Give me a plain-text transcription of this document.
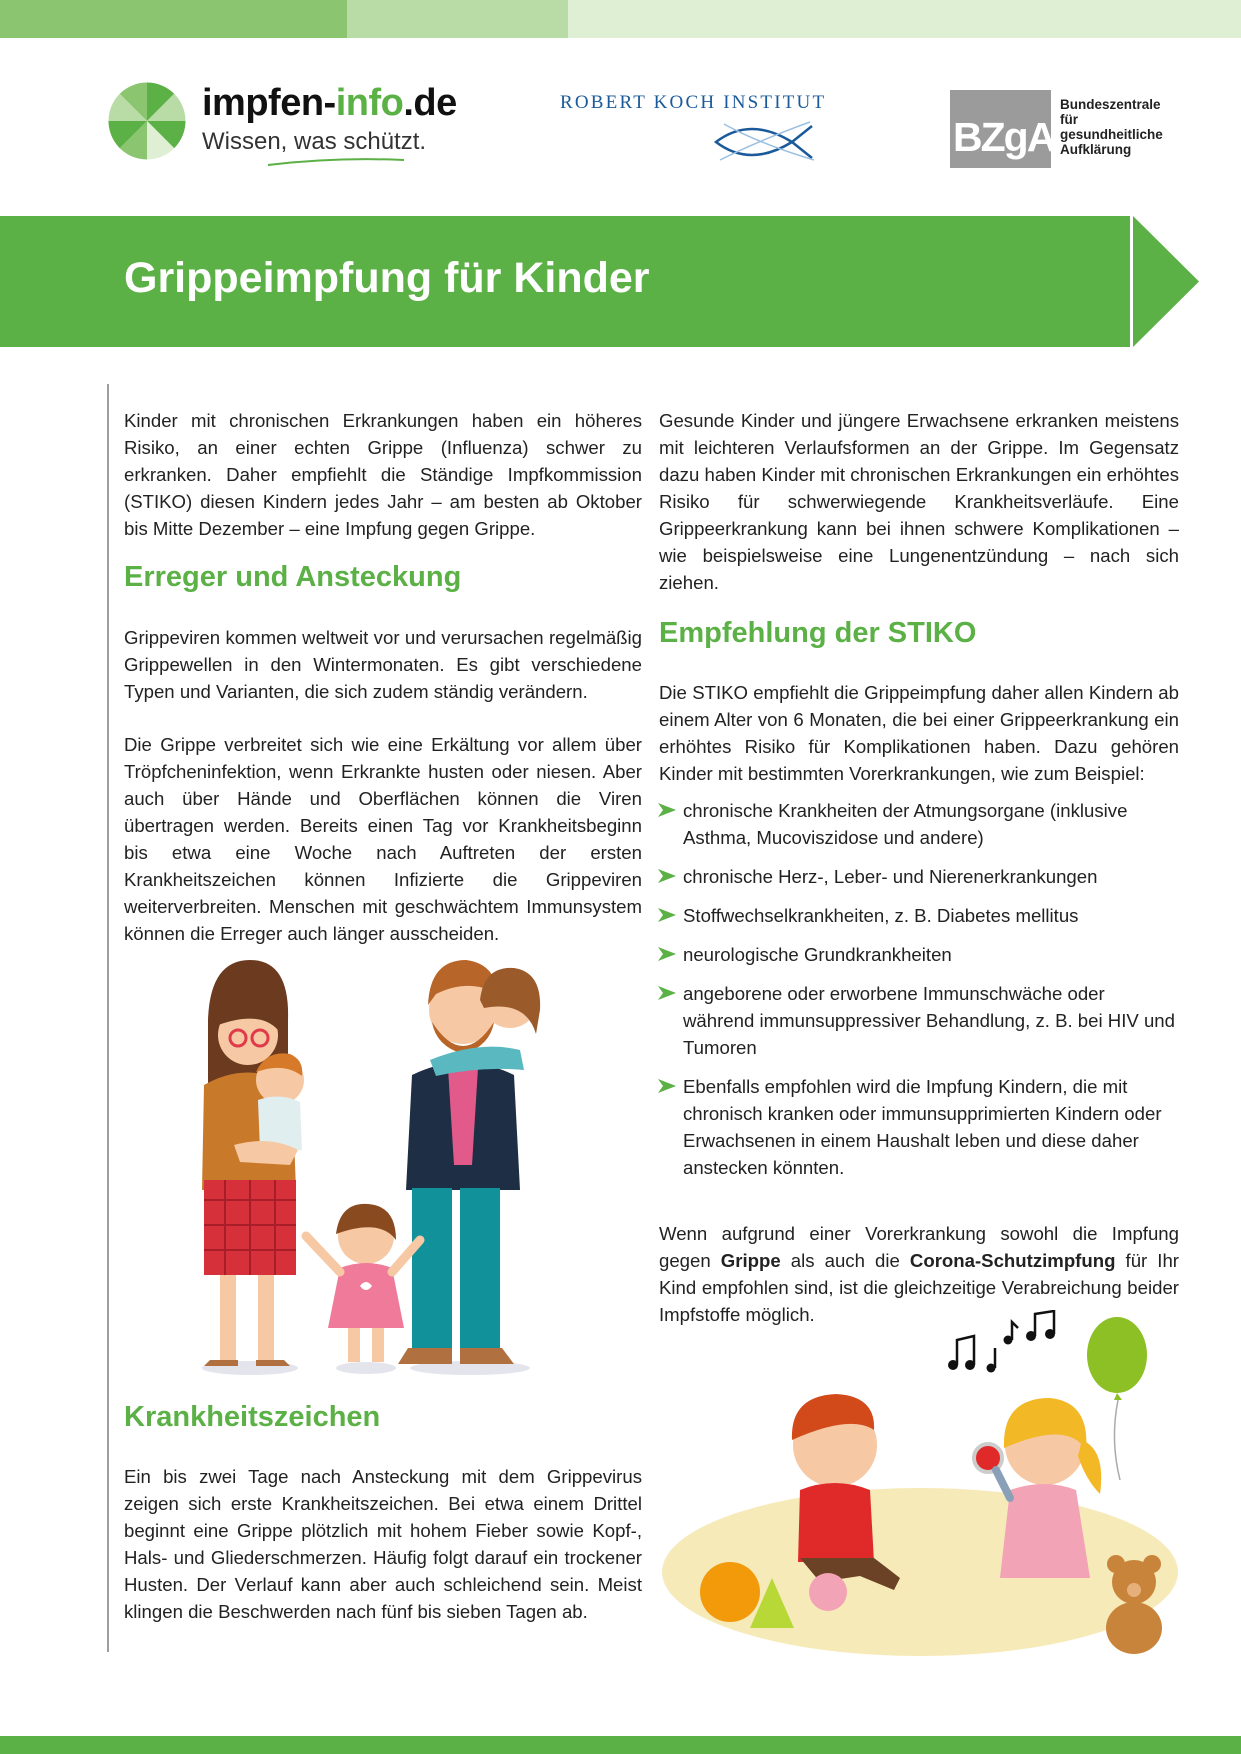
impfen-info.de
Wissen, was schützt.
ROBERT KOCH INSTITUT
BZgA
Bundeszentrale
für
gesundheitliche
Aufklärung
Grippeimpfung für Kinder

Kinder mit chronischen Erkrankungen haben ein höheres Risiko, an einer echten Grippe (Influenza) schwer zu erkranken. Daher empfiehlt die Ständige Impfkommission (STIKO) diesen Kindern jedes Jahr – am besten ab Oktober bis Mitte Dezember – eine Impfung gegen Grippe.

Erreger und Ansteckung

Grippeviren kommen weltweit vor und verursachen regelmäßig Grippewellen in den Wintermonaten. Es gibt verschiedene Typen und Varianten, die sich zudem ständig verändern.

Die Grippe verbreitet sich wie eine Erkältung vor allem über Tröpfcheninfektion, wenn Erkrankte husten oder niesen. Aber auch über Hände und Oberflächen können die Viren übertragen werden. Bereits einen Tag vor Krankheitsbeginn bis etwa eine Woche nach Auftreten der ersten Krankheitszeichen können Infizierte die Grippeviren weiterverbreiten. Menschen mit geschwächtem Immunsystem können die Erreger auch länger ausscheiden.

Krankheitszeichen

Ein bis zwei Tage nach Ansteckung mit dem Grippevirus zeigen sich erste Krankheitszeichen. Bei etwa einem Drittel beginnt eine Grippe plötzlich mit hohem Fieber sowie Kopf-, Hals- und Gliederschmerzen. Häufig folgt darauf ein trockener Husten. Der Verlauf kann aber auch schleichend sein. Meist klingen die Beschwerden nach fünf bis sieben Tagen ab.

Gesunde Kinder und jüngere Erwachsene erkranken meistens mit leichteren Verlaufsformen an der Grippe. Im Gegensatz dazu haben Kinder mit chronischen Erkrankungen ein erhöhtes Risiko für schwerwiegende Krankheitsverläufe. Eine Grippeerkrankung kann bei ihnen schwere Komplikationen – wie beispielsweise eine Lungenentzündung – nach sich ziehen.

Empfehlung der STIKO

Die STIKO empfiehlt die Grippeimpfung daher allen Kindern ab einem Alter von 6 Monaten, die bei einer Grippeerkrankung ein erhöhtes Risiko für Komplikationen haben. Dazu gehören Kinder mit bestimmten Vorerkrankungen, wie zum Beispiel:

chronische Krankheiten der Atmungsorgane (inklusive Asthma, Mucoviszidose und andere)
chronische Herz-, Leber- und Nierenerkrankungen
Stoffwechselkrankheiten, z. B. Diabetes mellitus
neurologische Grundkrankheiten
angeborene oder erworbene Immunschwäche oder während immunsuppressiver Behandlung, z. B. bei HIV und Tumoren
Ebenfalls empfohlen wird die Impfung Kindern, die mit chronisch kranken oder immunsupprimierten Kindern oder Erwachsenen in einem Haushalt leben und diese daher anstecken könnten.

Wenn aufgrund einer Vorerkrankung sowohl die Impfung gegen Grippe als auch die Corona-Schutzimpfung für Ihr Kind empfohlen sind, ist die gleichzeitige Verabreichung beider Impfstoffe möglich.
